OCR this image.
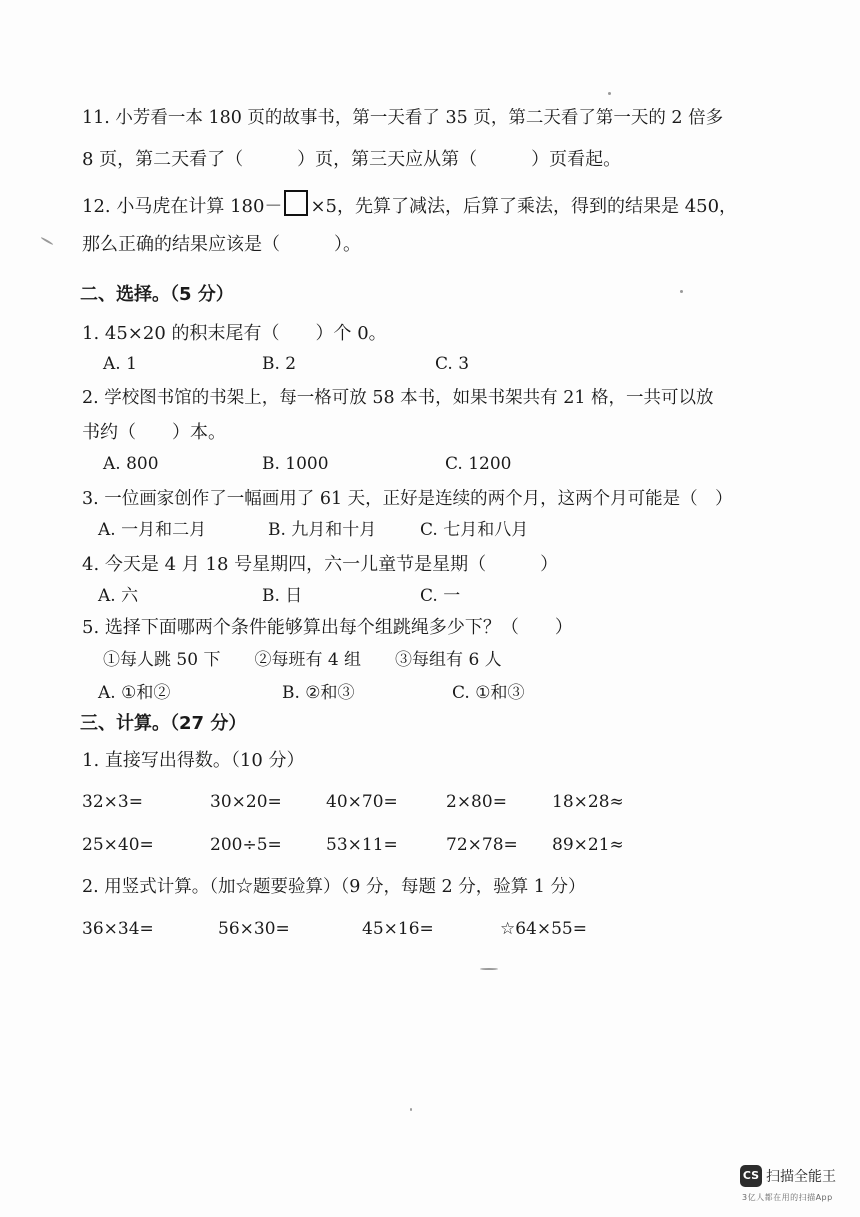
11. 小芳看一本 180 页的故事书，第一天看了 35 页，第二天看了第一天的 2 倍多
8 页，第二天看了（　　　）页，第三天应从第（　　　）页看起。
12. 小马虎在计算 180－ ×5，先算了减法，后算了乘法，得到的结果是 450，
那么正确的结果应该是（　　　）。
二、选择。（5 分）
1. 45×20 的积末尾有（　　）个 0。
A. 1	B. 2	C. 3
2. 学校图书馆的书架上，每一格可放 58 本书，如果书架共有 21 格，一共可以放
书约（　　）本。
A. 800	B. 1000	C. 1200
3. 一位画家创作了一幅画用了 61 天，正好是连续的两个月，这两个月可能是（　）
A. 一月和二月	B. 九月和十月	C. 七月和八月
4. 今天是 4 月 18 号星期四，六一儿童节是星期（　　　）
A. 六	B. 日	C. 一
5. 选择下面哪两个条件能够算出每个组跳绳多少下？（　　）
①每人跳 50 下　　②每班有 4 组　　③每组有 6 人
A. ①和②	B. ②和③	C. ①和③
三、计算。（27 分）
1. 直接写出得数。（10 分）
32×3=	30×20=	40×70=	2×80=	18×28≈
25×40=	200÷5=	53×11=	72×78= 89×21≈
2. 用竖式计算。（加☆题要验算）（9 分，每题 2 分，验算 1 分）
36×34=	56×30=	45×16=	☆64×55=
CS 扫描全能王
3亿人都在用的扫描App
